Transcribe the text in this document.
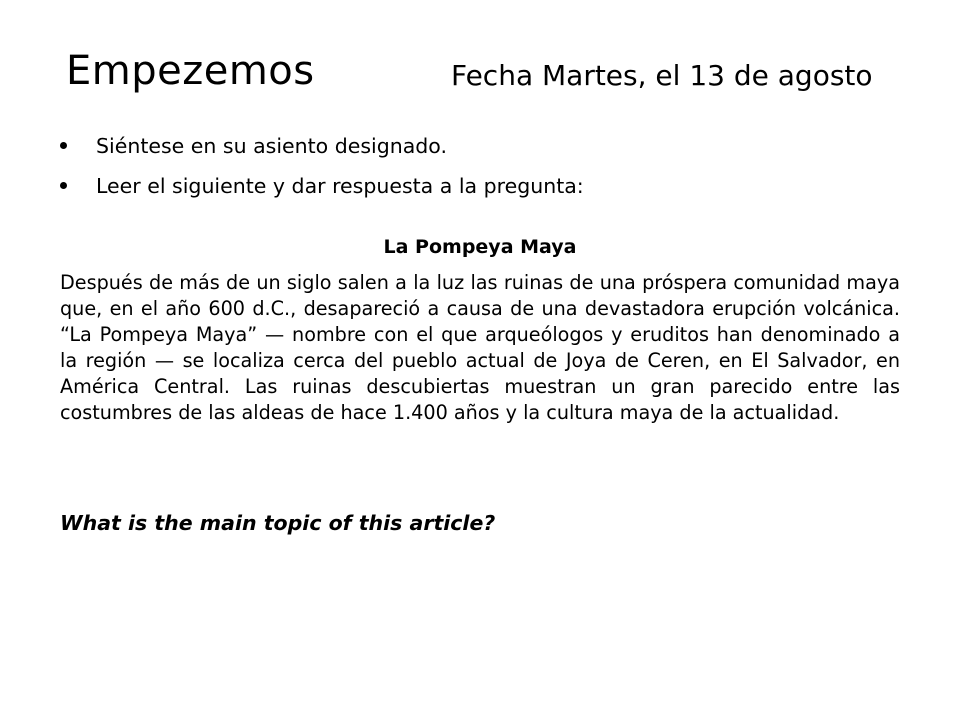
Empezemos	Fecha Martes, el 13 de agosto
Siéntese en su asiento designado.
Leer el siguiente y dar respuesta a la pregunta:
La Pompeya Maya
Después de más de un siglo salen a la luz las ruinas de una próspera comunidad maya que, en el año 600 d.C., desapareció a causa de una devastadora erupción volcánica. “La Pompeya Maya” — nombre con el que arqueólogos y eruditos han denominado a la región — se localiza cerca del pueblo actual de Joya de Ceren, en El Salvador, en América Central. Las ruinas descubiertas muestran un gran parecido entre las costumbres de las aldeas de hace 1.400 años y la cultura maya de la actualidad.
What is the main topic of this article?
